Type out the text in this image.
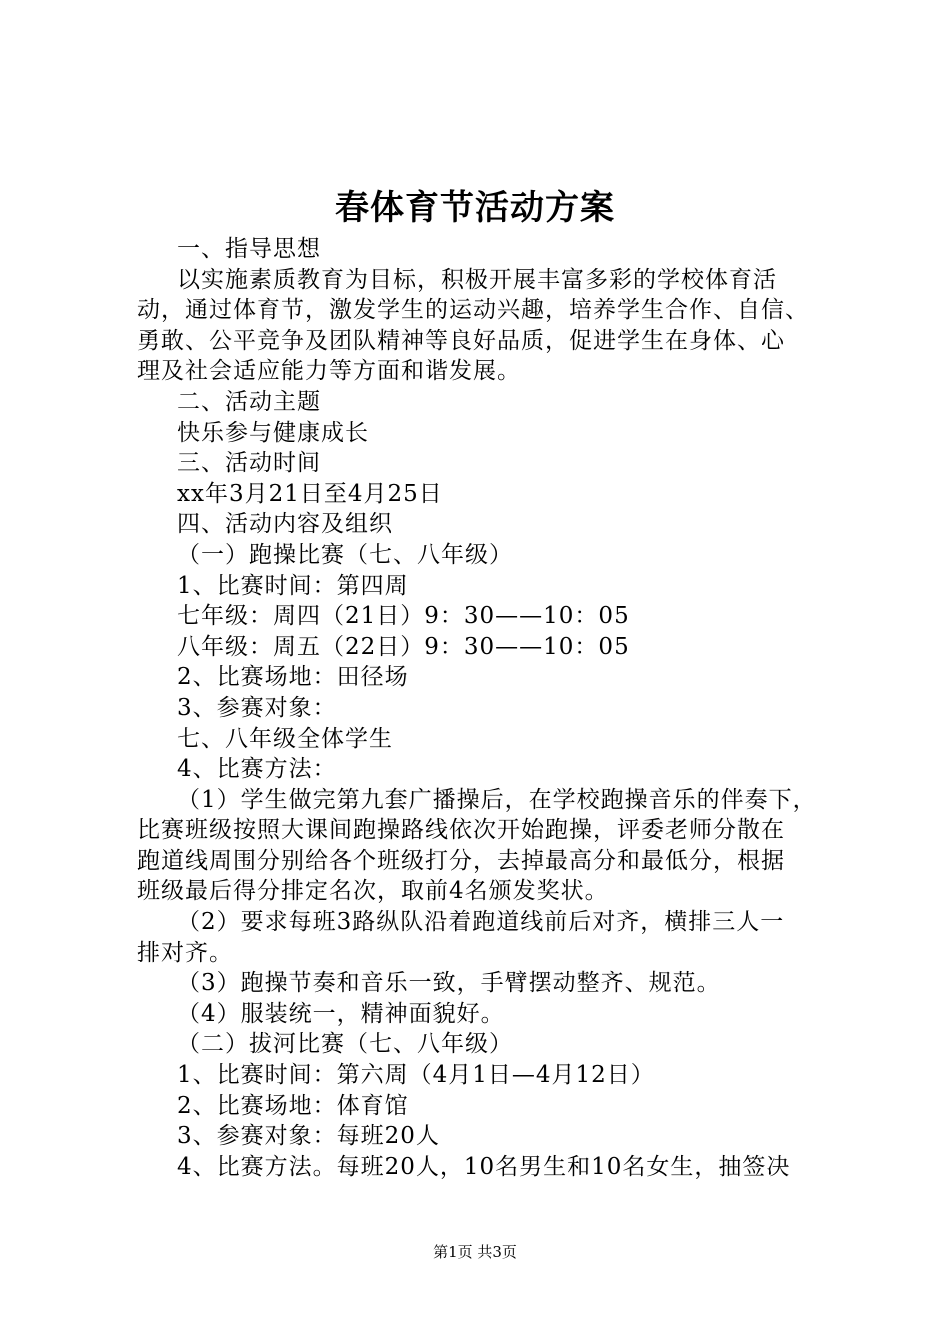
春体育节活动方案
一、指导思想
以实施素质教育为目标，积极开展丰富多彩的学校体育活
动，通过体育节，激发学生的运动兴趣，培养学生合作、自信、
勇敢、公平竞争及团队精神等良好品质，促进学生在身体、心
理及社会适应能力等方面和谐发展。
二、活动主题
快乐参与健康成长
三、活动时间
xx年3月21日至4月25日
四、活动内容及组织
（一）跑操比赛（七、八年级）
1、比赛时间：第四周
七年级：周四（21日）9：30——10：05
八年级：周五（22日）9：30——10：05
2、比赛场地：田径场
3、参赛对象：
七、八年级全体学生
4、比赛方法：
（1）学生做完第九套广播操后，在学校跑操音乐的伴奏下，
比赛班级按照大课间跑操路线依次开始跑操，评委老师分散在
跑道线周围分别给各个班级打分，去掉最高分和最低分，根据
班级最后得分排定名次，取前4名颁发奖状。
（2）要求每班3路纵队沿着跑道线前后对齐，横排三人一
排对齐。
（3）跑操节奏和音乐一致，手臂摆动整齐、规范。
（4）服装统一，精神面貌好。
（二）拔河比赛（七、八年级）
1、比赛时间：第六周（4月1日—4月12日）
2、比赛场地：体育馆
3、参赛对象：每班20人
4、比赛方法。每班20人，10名男生和10名女生，抽签决
第1页 共3页
